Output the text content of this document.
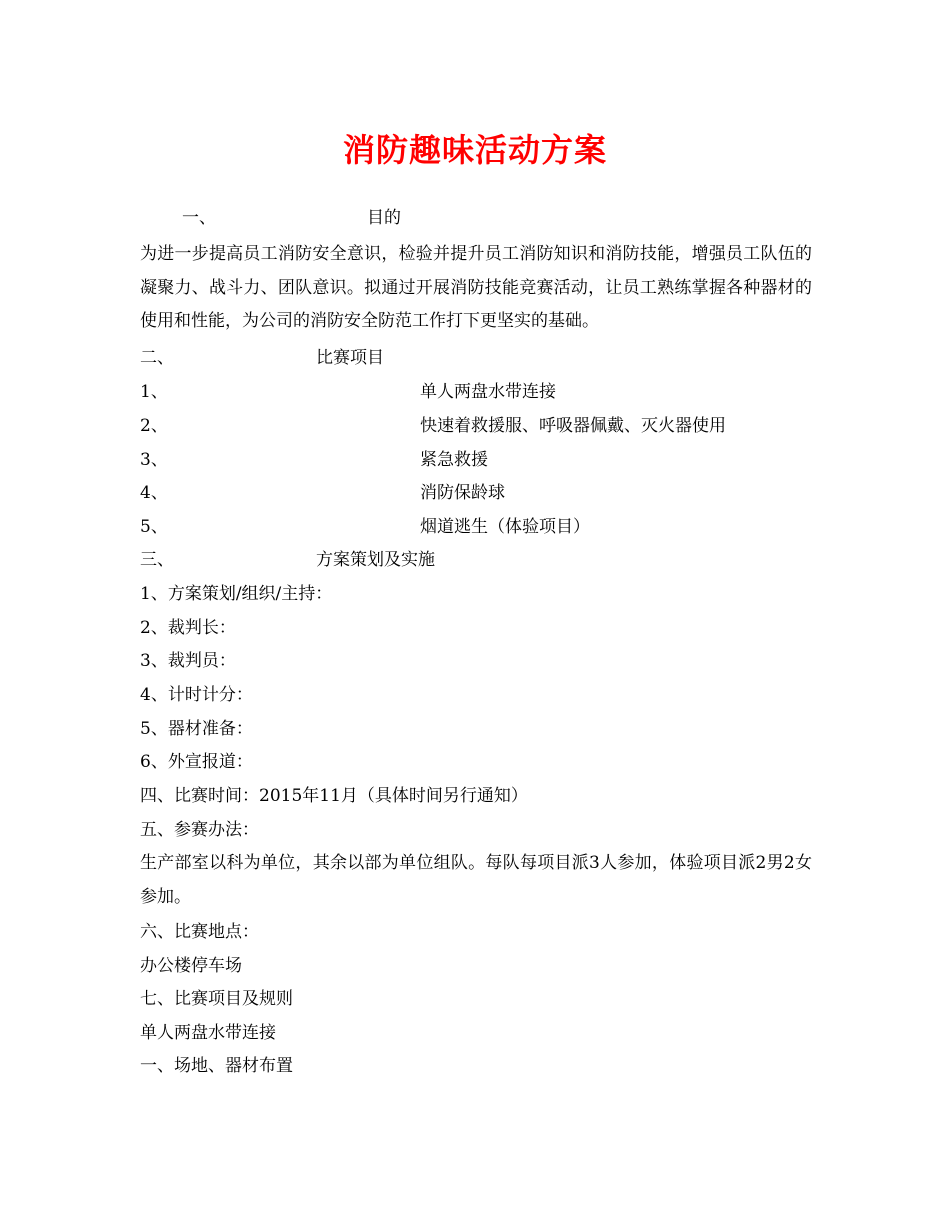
消防趣味活动方案
一、	目的
为进一步提高员工消防安全意识，检验并提升员工消防知识和消防技能，增强员工队伍的凝聚力、战斗力、团队意识。拟通过开展消防技能竞赛活动，让员工熟练掌握各种器材的使用和性能，为公司的消防安全防范工作打下更坚实的基础。
二、	比赛项目
1、	单人两盘水带连接
2、	快速着救援服、呼吸器佩戴、灭火器使用
3、	紧急救援
4、	消防保龄球
5、	烟道逃生（体验项目）
三、	方案策划及实施
1、方案策划/组织/主持：
2、裁判长：
3、裁判员：
4、计时计分：
5、器材准备：
6、外宣报道：
四、比赛时间：2015年11月（具体时间另行通知）
五、参赛办法：
生产部室以科为单位，其余以部为单位组队。每队每项目派3人参加，体验项目派2男2女参加。
六、比赛地点：
办公楼停车场
七、比赛项目及规则
单人两盘水带连接
一、场地、器材布置
